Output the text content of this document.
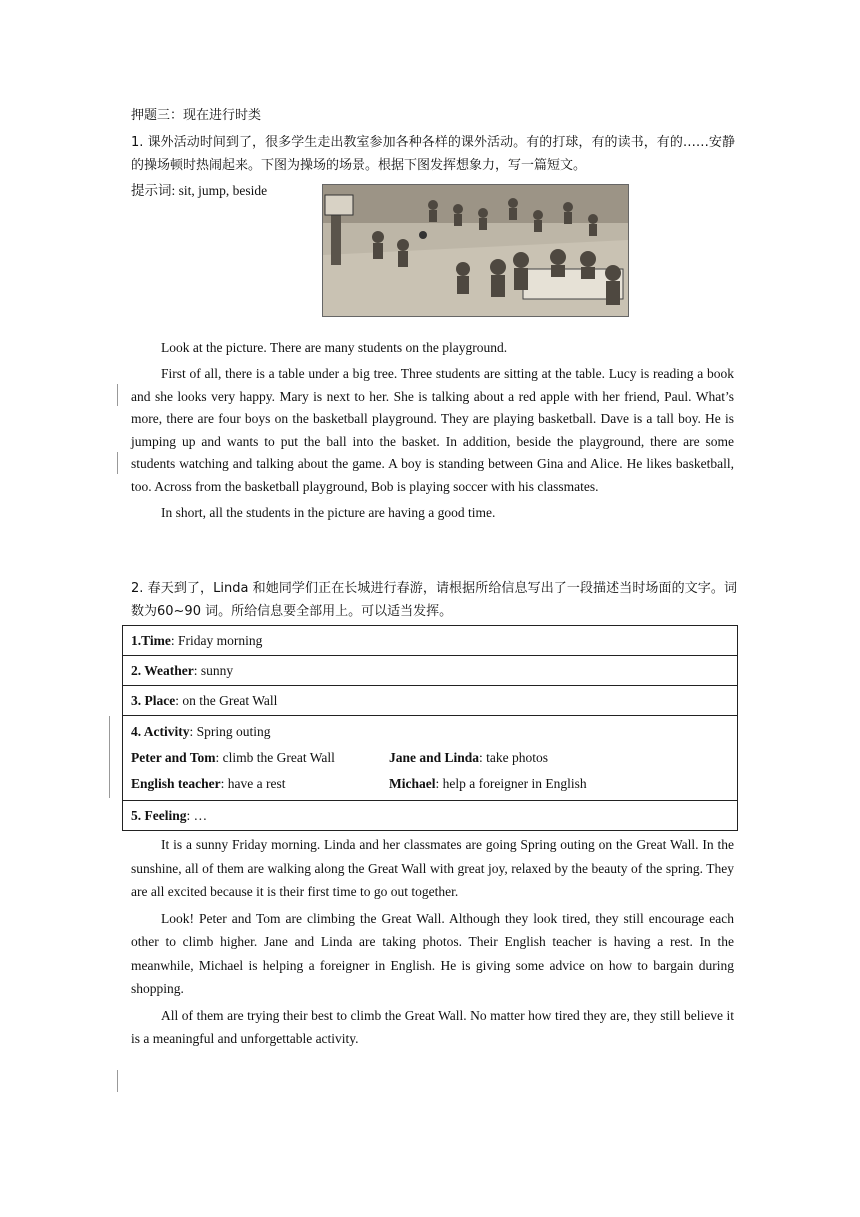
押题三：现在进行时类
1. 课外活动时间到了，很多学生走出教室参加各种各样的课外活动。有的打球，有的读书，有的……安静的操场顿时热闹起来。下图为操场的场景。根据下图发挥想象力，写一篇短文。
提示词: sit, jump, beside

Look at the picture. There are many students on the playground.

First of all, there is a table under a big tree. Three students are sitting at the table. Lucy is reading a book and she looks very happy. Mary is next to her. She is talking about a red apple with her friend, Paul. What’s more, there are four boys on the basketball playground. They are playing basketball. Dave is a tall boy. He is jumping up and wants to put the ball into the basket. In addition, beside the playground, there are some students watching and talking about the game. A boy is standing between Gina and Alice. He likes basketball, too. Across from the basketball playground, Bob is playing soccer with his classmates.

In short, all the students in the picture are having a good time.

2. 春天到了，Linda 和她同学们正在长城进行春游，请根据所给信息写出了一段描述当时场面的文字。词数为60~90 词。所给信息要全部用上。可以适当发挥。
1.Time: Friday morning
2. Weather: sunny
3. Place: on the Great Wall

4. Activity: Spring outing
Peter and Tom: climb the Great Wall	Jane and Linda: take photos
English teacher: have a rest	Michael: help a foreigner in English

5. Feeling: …

It is a sunny Friday morning. Linda and her classmates are going Spring outing on the Great Wall. In the sunshine, all of them are walking along the Great Wall with great joy, relaxed by the beauty of the spring. They are all excited because it is their first time to go out together.

Look! Peter and Tom are climbing the Great Wall. Although they look tired, they still encourage each other to climb higher. Jane and Linda are taking photos. Their English teacher is having a rest. In the meanwhile, Michael is helping a foreigner in English. He is giving some advice on how to bargain during shopping.

All of them are trying their best to climb the Great Wall. No matter how tired they are, they still believe it is a meaningful and unforgettable activity.
